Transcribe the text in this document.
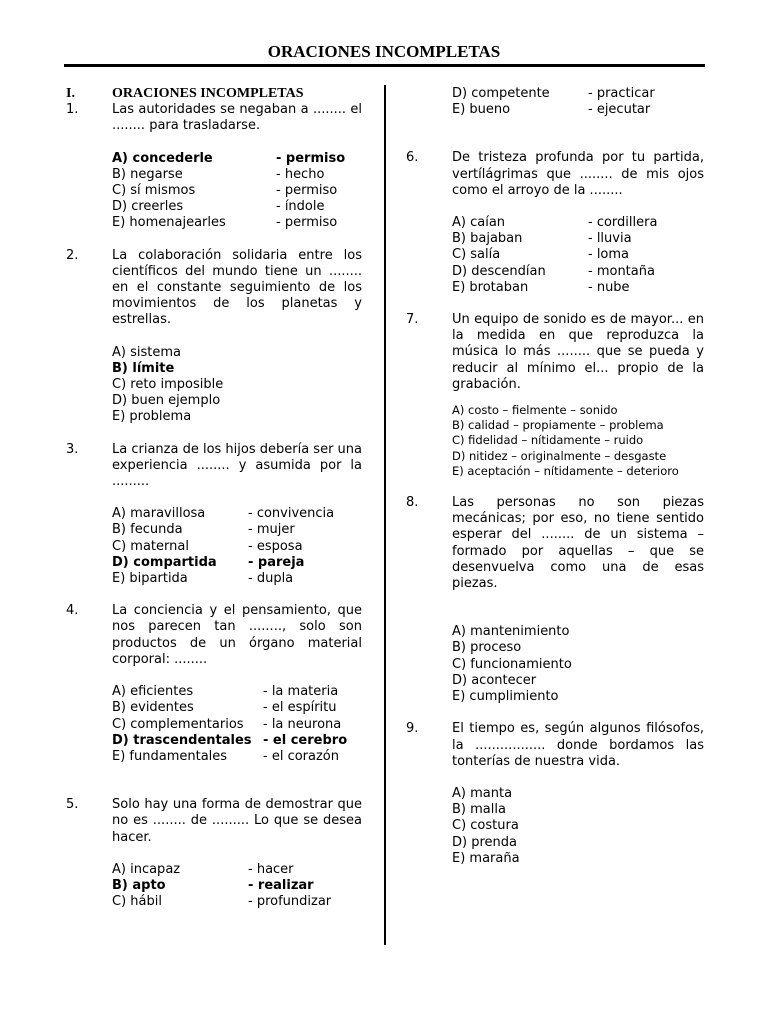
ORACIONES INCOMPLETAS
I.	ORACIONES INCOMPLETAS
1.	Las autoridades se negaban a ........ el ........ para trasladarse.
A) concederle	- permiso
B) negarse	- hecho
C) sí mismos	- permiso
D) creerles	- índole
E) homenajearles	- permiso
2.	La colaboración solidaria entre los científicos del mundo tiene un ........ en el constante seguimiento de los movimientos de los planetas y estrellas.
A) sistema
B) límite
C) reto imposible
D) buen ejemplo
E) problema
3.	La crianza de los hijos debería ser una experiencia ........ y asumida por la .........
A) maravillosa	- convivencia
B) fecunda	- mujer
C) maternal	- esposa
D) compartida	- pareja
E) bipartida	- dupla
4.	La conciencia y el pensamiento, que nos parecen tan ........, solo son productos de un órgano material corporal: ........
A) eficientes	- la materia
B) evidentes	- el espíritu
C) complementarios	- la neurona
D) trascendentales - el cerebro
E) fundamentales	- el corazón
5.	Solo hay una forma de demostrar que no es ........ de ......... Lo que se desea hacer.
A) incapaz	- hacer
B) apto	- realizar
C) hábil	- profundizar
D) competente	- practicar
E) bueno	- ejecutar
6.	De tristeza profunda por tu partida, vertílágrimas que ........ de mis ojos como el arroyo de la ........
A) caían	- cordillera
B) bajaban	- lluvia
C) salía	- loma
D) descendían	- montaña
E) brotaban	- nube
7.	Un equipo de sonido es de mayor... en la medida en que reproduzca la música lo más ........ que se pueda y reducir al mínimo el... propio de la grabación.
A) costo – fielmente – sonido
B) calidad – propiamente – problema
C) fidelidad – nítidamente – ruido
D) nitidez – originalmente – desgaste
E) aceptación – nítidamente – deterioro
8.	Las personas no son piezas mecánicas; por eso, no tiene sentido esperar del ........ de un sistema – formado por aquellas – que se desenvuelva como una de esas piezas.
A) mantenimiento
B) proceso
C) funcionamiento
D) acontecer
E) cumplimiento
9.	El tiempo es, según algunos filósofos, la ................. donde bordamos las tonterías de nuestra vida.
A) manta
B) malla
C) costura
D) prenda
E) maraña
